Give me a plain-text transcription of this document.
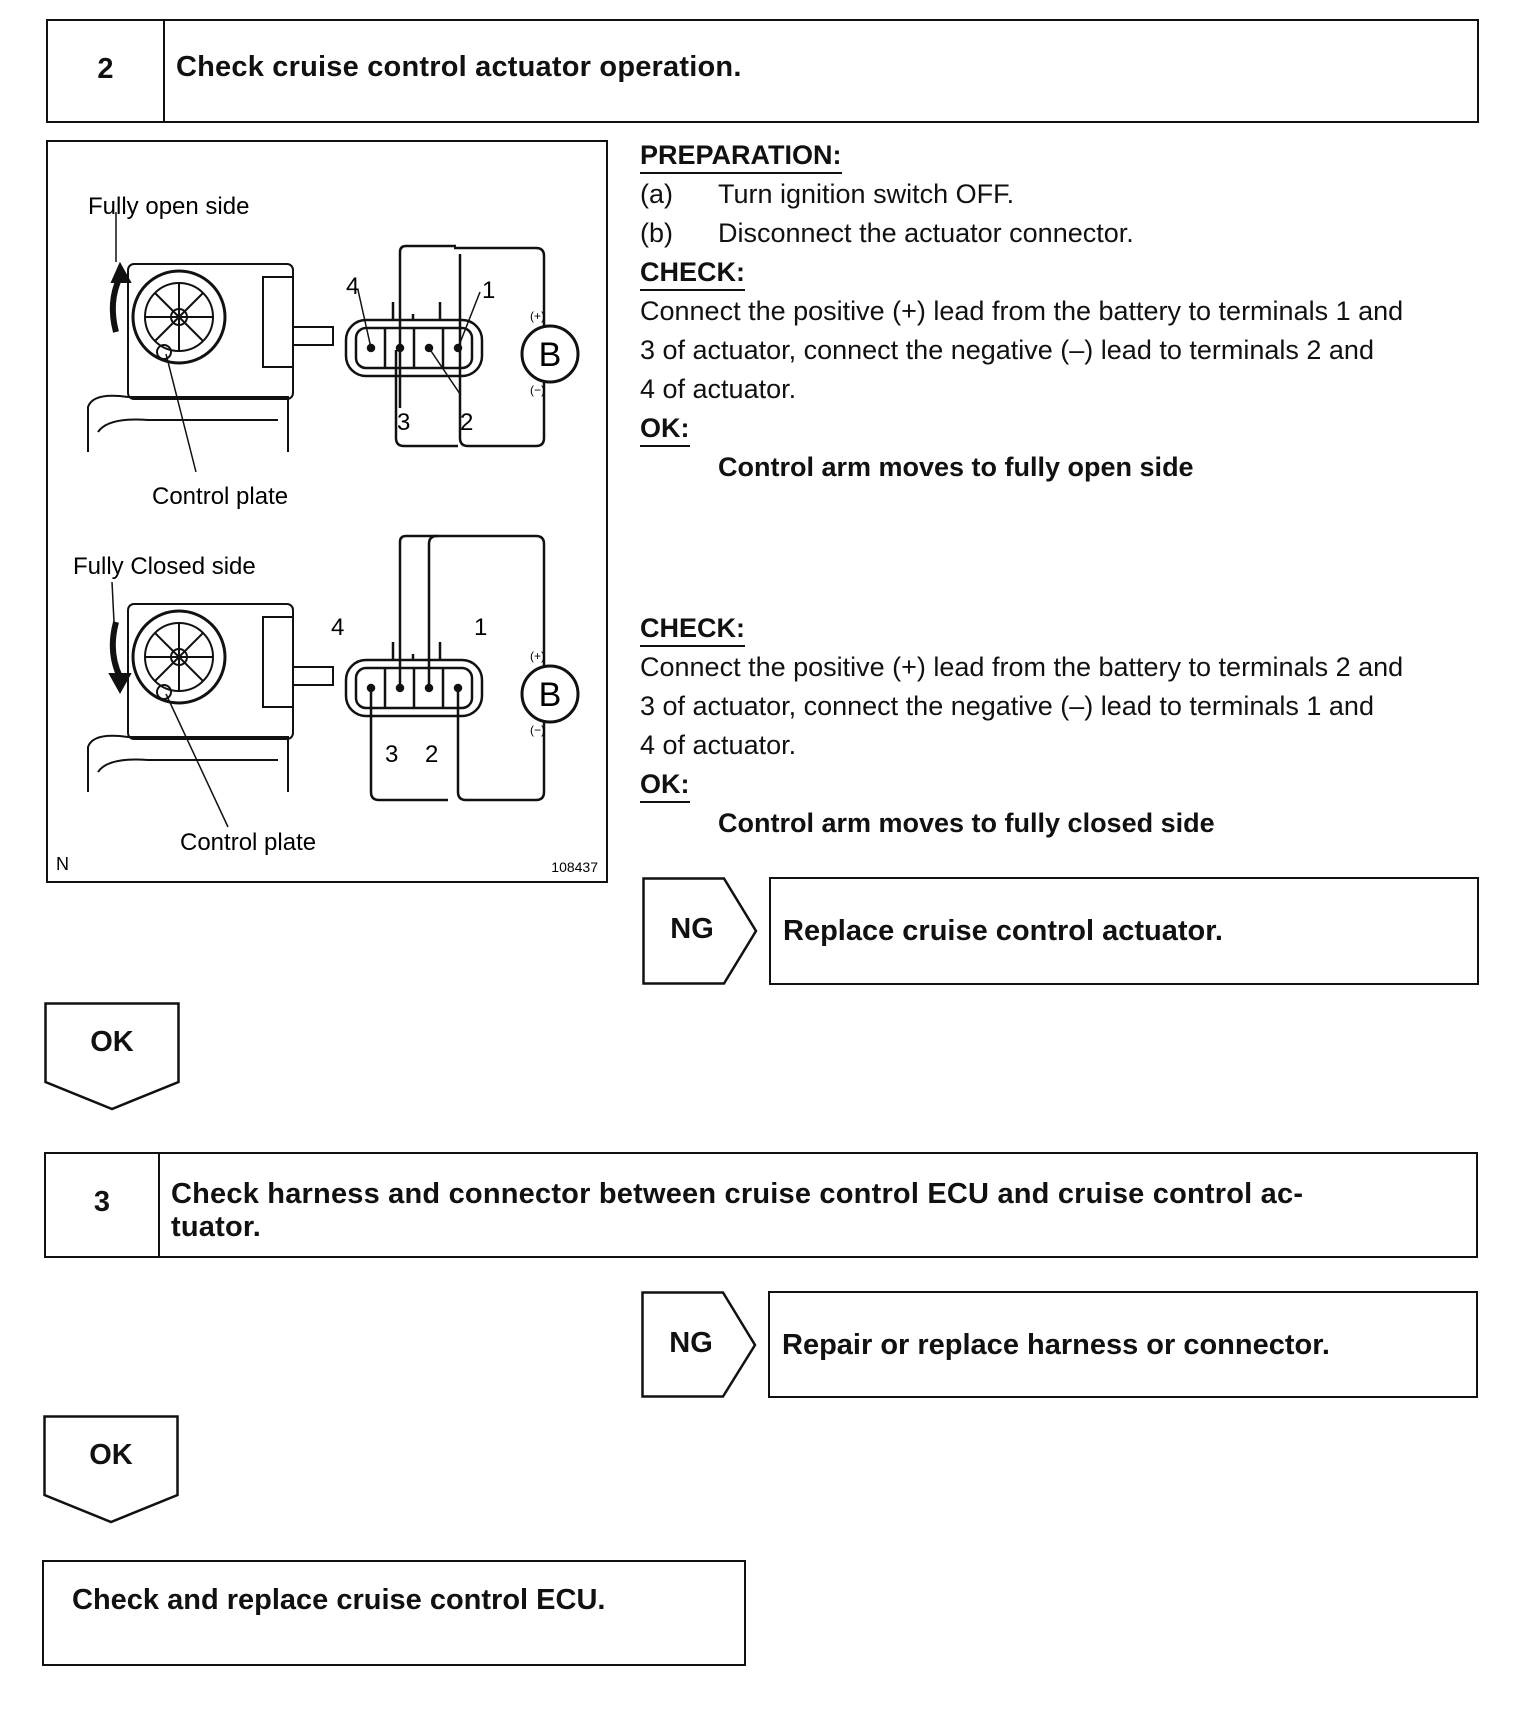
2	Check cruise control actuator operation.
Fully open side
B
(+)
(−)
4	1
3 2
Control plate
Fully Closed side
B
(+)
(−)
4	1
3 2
Control plate
N	108437
PREPARATION:
(a) Turn ignition switch OFF.
(b) Disconnect the actuator connector.
CHECK:
Connect the positive (+) lead from the battery to terminals 1 and
3 of actuator, connect the negative (–) lead to terminals 2 and
4 of actuator.
OK:
Control arm moves to fully open side
CHECK:
Connect the positive (+) lead from the battery to terminals 2 and
3 of actuator, connect the negative (–) lead to terminals 1 and
4 of actuator.
OK:
Control arm moves to fully closed side
NG	Replace cruise control actuator.
OK
3	Check harness and connector between cruise control ECU and cruise control ac-
tuator.
NG	Repair or replace harness or connector.
OK
Check and replace cruise control ECU.
